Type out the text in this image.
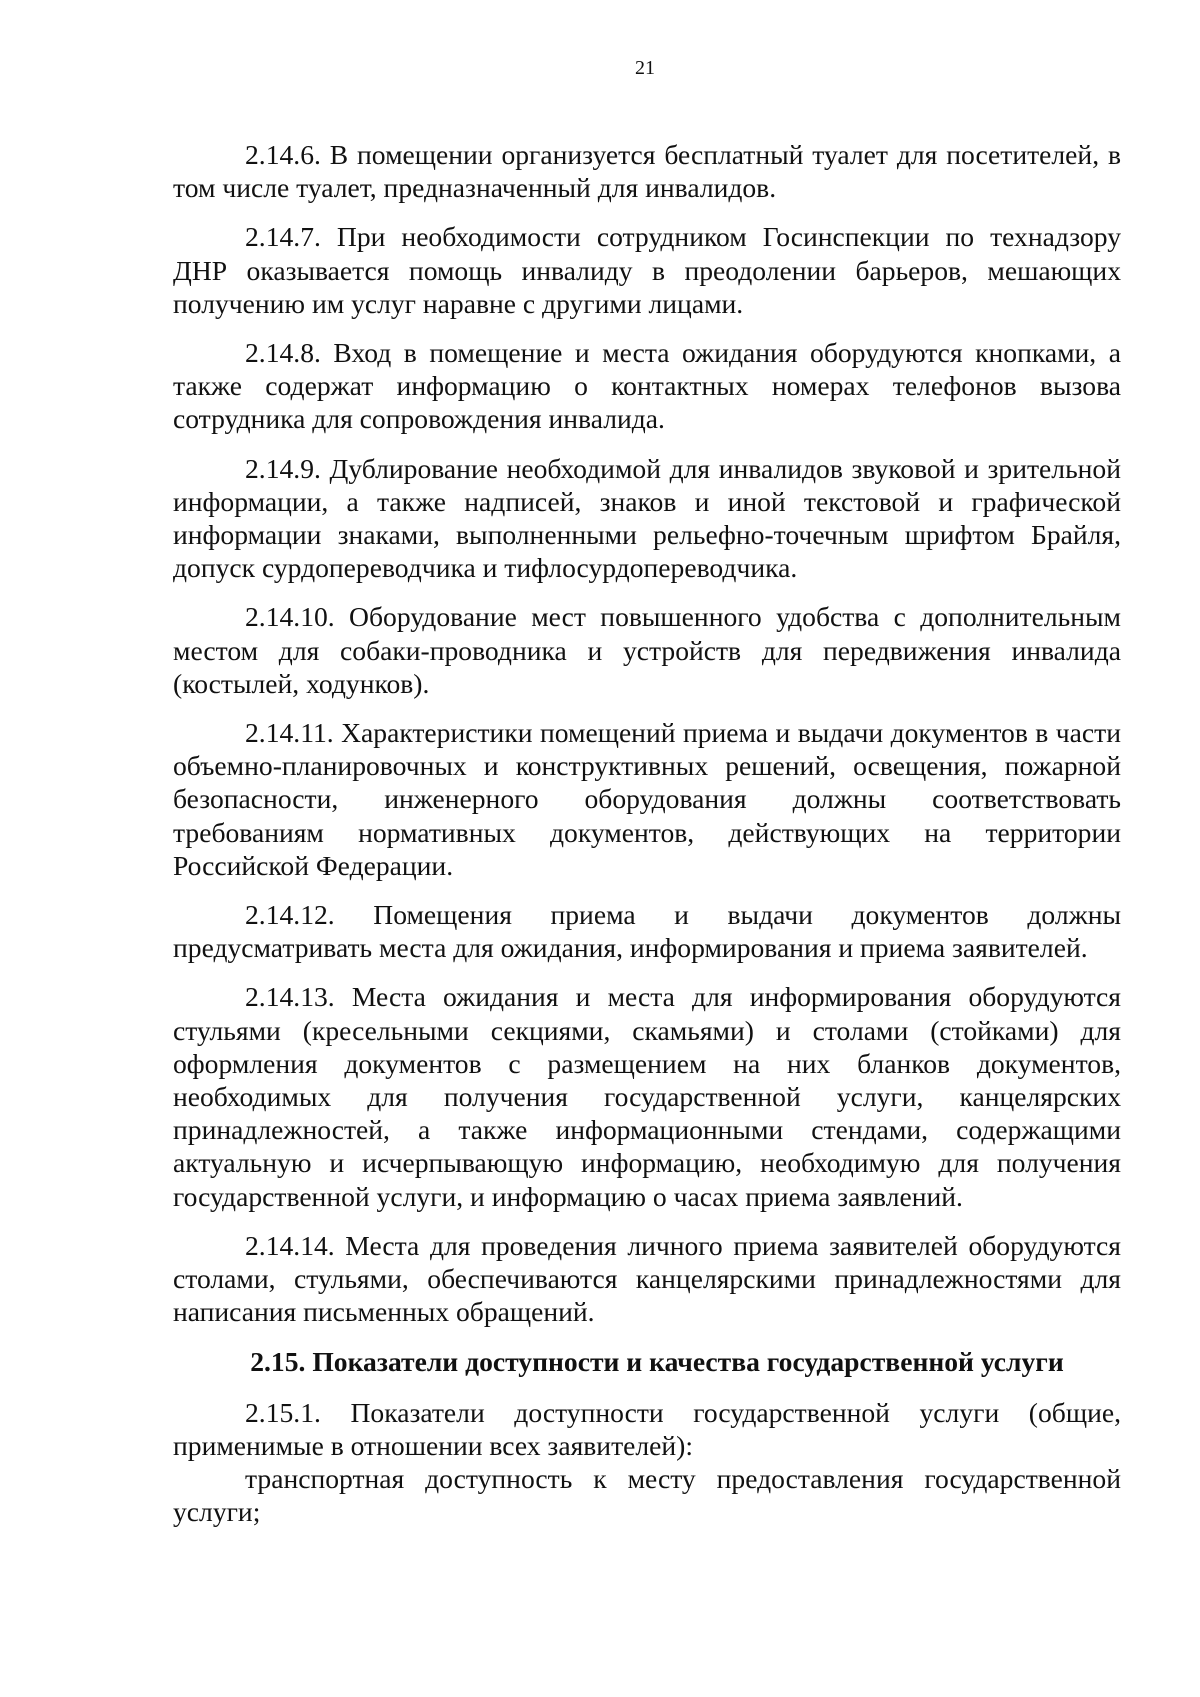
21

2.14.6. В помещении организуется бесплатный туалет для посетителей, в том числе туалет, предназначенный для инвалидов.

2.14.7. При необходимости сотрудником Госинспекции по технадзору ДНР оказывается помощь инвалиду в преодолении барьеров, мешающих получению им услуг наравне с другими лицами.

2.14.8. Вход в помещение и места ожидания оборудуются кнопками, а также содержат информацию о контактных номерах телефонов вызова сотрудника для сопровождения инвалида.

2.14.9. Дублирование необходимой для инвалидов звуковой и зрительной информации, а также надписей, знаков и иной текстовой и графической информации знаками, выполненными рельефно-точечным шрифтом Брайля, допуск сурдопереводчика и тифлосурдопереводчика.

2.14.10. Оборудование мест повышенного удобства с дополнительным местом для собаки-проводника и устройств для передвижения инвалида (костылей, ходунков).

2.14.11. Характеристики помещений приема и выдачи документов в части объемно-планировочных и конструктивных решений, освещения, пожарной безопасности, инженерного оборудования должны соответствовать требованиям нормативных документов, действующих на территории Российской Федерации.

2.14.12. Помещения приема и выдачи документов должны предусматривать места для ожидания, информирования и приема заявителей.

2.14.13. Места ожидания и места для информирования оборудуются стульями (кресельными секциями, скамьями) и столами (стойками) для оформления документов с размещением на них бланков документов, необходимых для получения государственной услуги, канцелярских принадлежностей, а также информационными стендами, содержащими актуальную и исчерпывающую информацию, необходимую для получения государственной услуги, и информацию о часах приема заявлений.

2.14.14. Места для проведения личного приема заявителей оборудуются столами, стульями, обеспечиваются канцелярскими принадлежностями для написания письменных обращений.

2.15. Показатели доступности и качества государственной услуги

2.15.1. Показатели доступности государственной услуги (общие, применимые в отношении всех заявителей):

транспортная доступность к месту предоставления государственной услуги;
